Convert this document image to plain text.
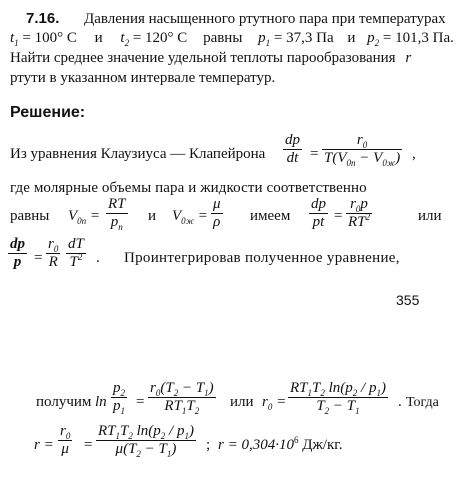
7.16. Давления насыщенного ртутного пара при температурах
$t_1 = 100^\circ$ С и $t_2 = 120^\circ$ С равны $p_1 = 37,3$ Па и $p_2 = 101,3$ Па.
Найти среднее значение удельной теплоты парообразования r
ртути в указанном интервале температур.
Решение:
Из уравнения Клаузиуса — Клапейрона
dp
dt =
$r_0$
$T(V_{0п} - V_{0ж})$ ,
где молярные объемы пара и жидкости соответственно
равны $V_{0п}$ =
RT
$p_п$
и $V_{0ж}$ =
μ
ρ имеем
dp
pt =
$r_0p$
$RT^2$	или
dp
p =
$r_0$
R
dT
$T^2$ . Проинтегрировав полученное уравнение,
355
получим ln
$p_2$
$p_1$
=
$r_0(T_2 - T_1)$
$RT_1T_2$
или $r_0$ =
$RT_1T_2$ $\ln(p_2 / p_1)$
$T_2 - T_1$
. Тогда
r =
$r_0$
μ =
$RT_1T_2$ $\ln(p_2 / p_1)$
$\mu(T_2 - T_1)$	; $r = 0,304\cdot 10^6$ Дж/кг.
